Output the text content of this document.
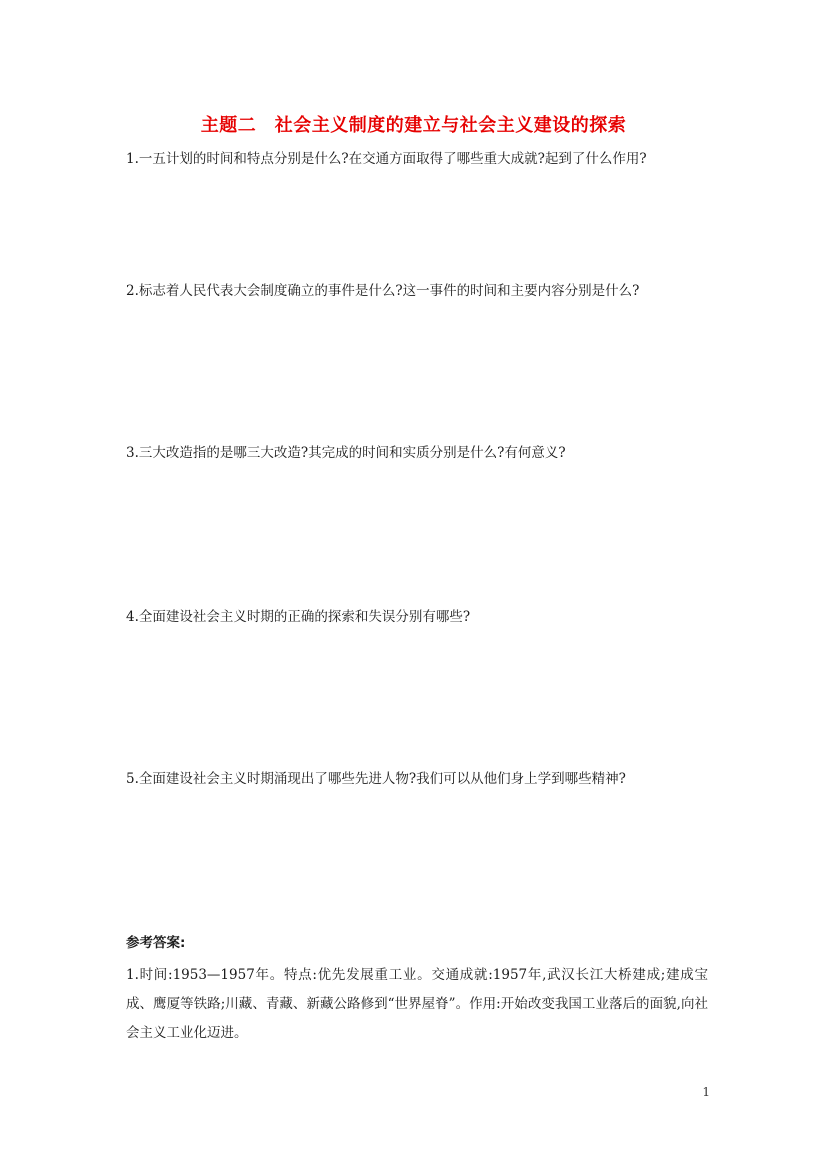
主题二　社会主义制度的建立与社会主义建设的探索
1.一五计划的时间和特点分别是什么?在交通方面取得了哪些重大成就?起到了什么作用?
2.标志着人民代表大会制度确立的事件是什么?这一事件的时间和主要内容分别是什么?
3.三大改造指的是哪三大改造?其完成的时间和实质分别是什么?有何意义?
4.全面建设社会主义时期的正确的探索和失误分别有哪些?
5.全面建设社会主义时期涌现出了哪些先进人物?我们可以从他们身上学到哪些精神?
参考答案:
1.时间:1953—1957年。特点:优先发展重工业。交通成就:1957年,武汉长江大桥建成;建成宝成、鹰厦等铁路;川藏、青藏、新藏公路修到“世界屋脊”。作用:开始改变我国工业落后的面貌,向社会主义工业化迈进。
1
